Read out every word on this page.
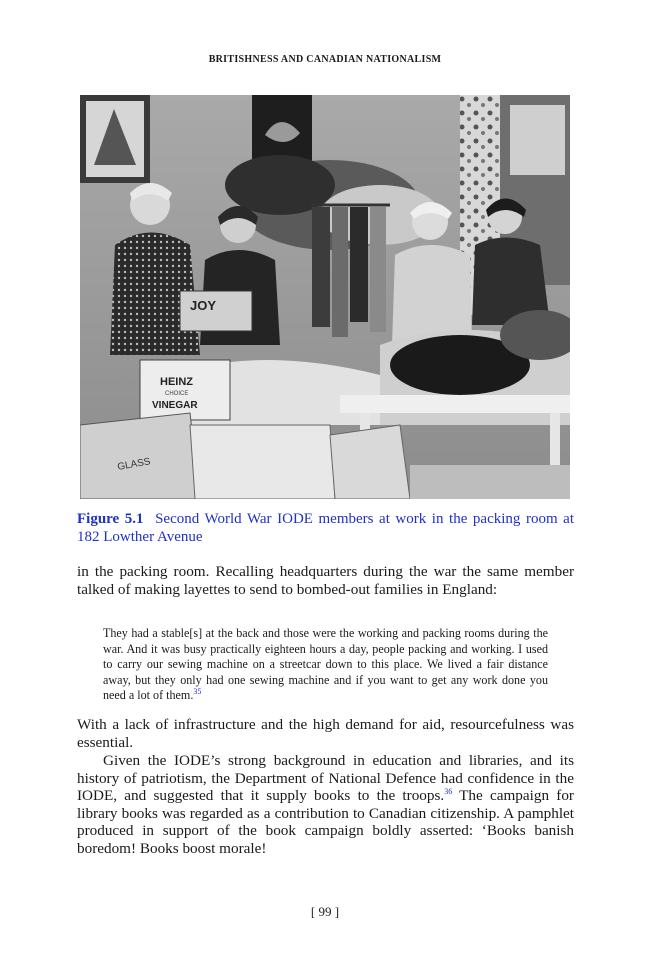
BRITISHNESS AND CANADIAN NATIONALISM
JOY
HEINZ
CHOICE
VINEGAR
GLASS
Figure 5.1 Second World War IODE members at work in the packing room at 182 Lowther Avenue
in the packing room. Recalling headquarters during the war the same member talked of making layettes to send to bombed-out families in England:
They had a stable[s] at the back and those were the working and packing rooms during the war. And it was busy practically eighteen hours a day, people packing and working. I used to carry our sewing machine on a streetcar down to this place. We lived a fair distance away, but they only had one sewing machine and if you want to get any work done you need a lot of them.$^{35}$
With a lack of infrastructure and the high demand for aid, resourcefulness was essential.
Given the IODE’s strong background in education and libraries, and its history of patriotism, the Department of National Defence had confidence in the IODE, and suggested that it supply books to the troops.$^{36}$ The campaign for library books was regarded as a contribution to Canadian citizenship. A pamphlet produced in support of the book campaign boldly asserted: ‘Books banish boredom! Books boost morale!
[ 99 ]
